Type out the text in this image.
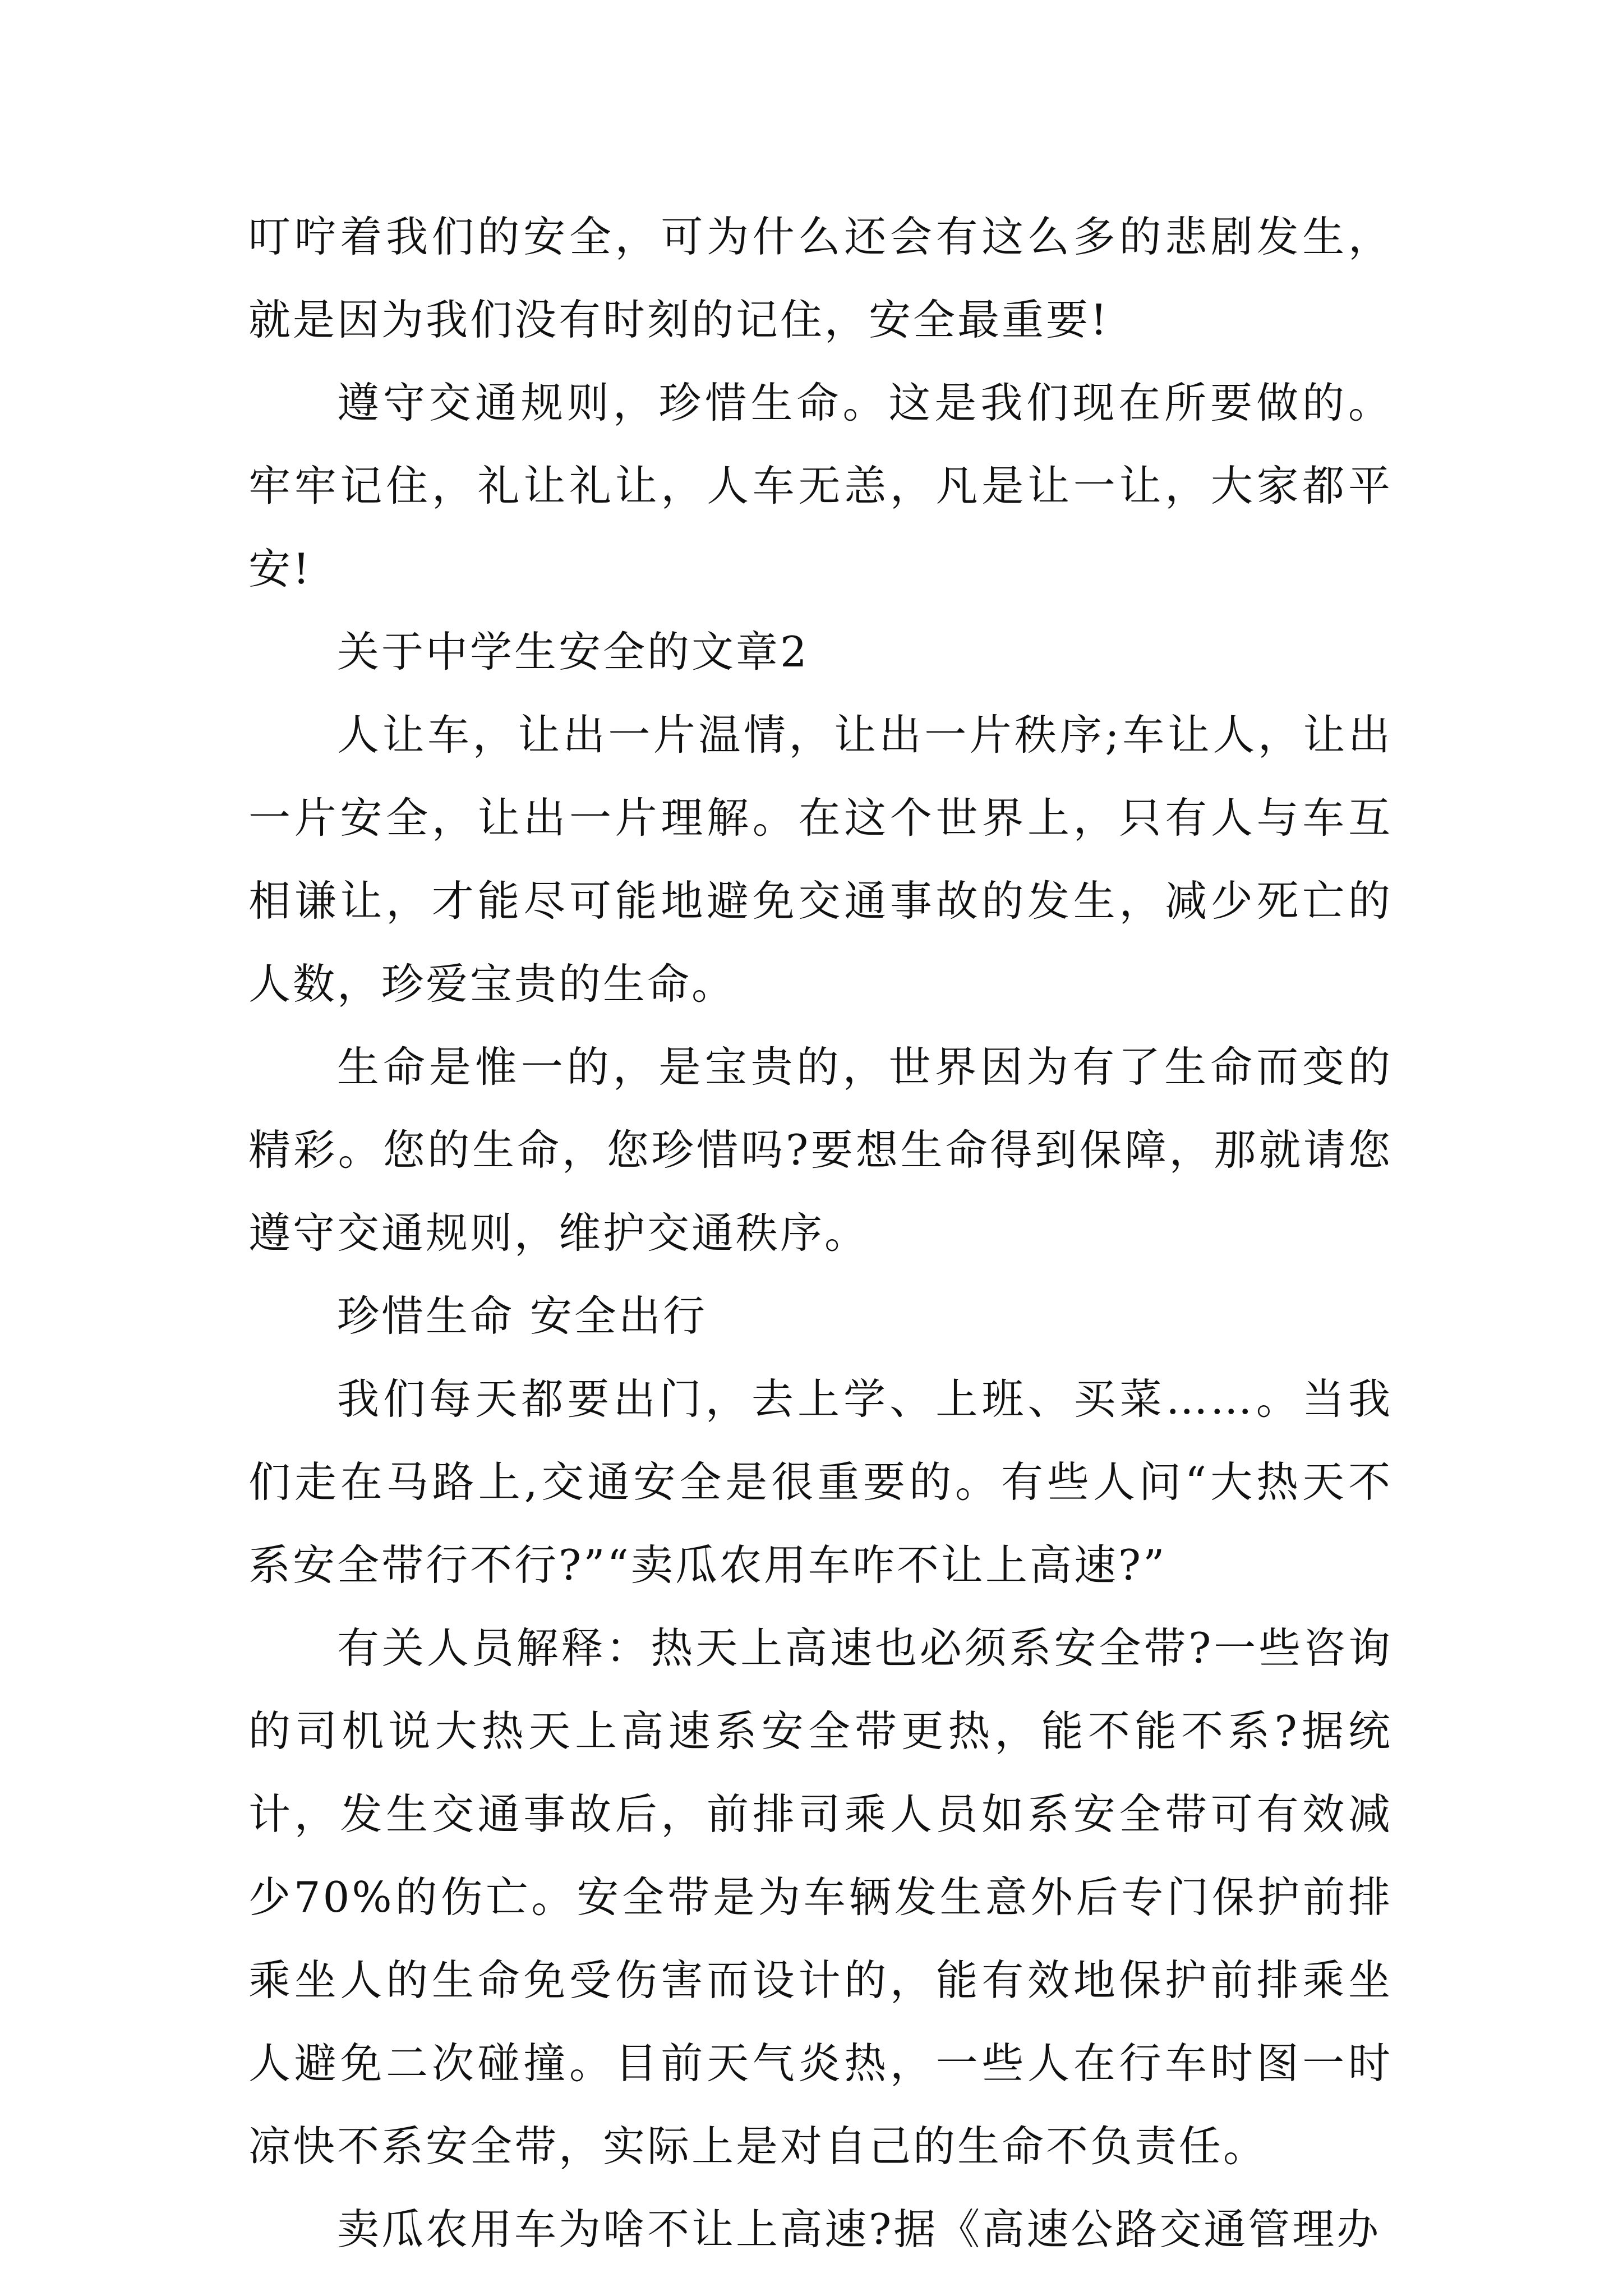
叮咛着我们的安全，可为什么还会有这么多的悲剧发生，就是因为我们没有时刻的记住，安全最重要!

遵守交通规则，珍惜生命。这是我们现在所要做的。牢牢记住，礼让礼让，人车无恙，凡是让一让，大家都平安!

关于中学生安全的文章2

人让车，让出一片温情，让出一片秩序;车让人，让出一片安全，让出一片理解。在这个世界上，只有人与车互相谦让，才能尽可能地避免交通事故的发生，减少死亡的人数，珍爱宝贵的生命。

生命是惟一的，是宝贵的，世界因为有了生命而变的精彩。您的生命，您珍惜吗?要想生命得到保障，那就请您遵守交通规则，维护交通秩序。

珍惜生命 安全出行

我们每天都要出门，去上学、上班、买菜……。当我们走在马路上,交通安全是很重要的。有些人问“大热天不系安全带行不行?”“卖瓜农用车咋不让上高速?”

有关人员解释：热天上高速也必须系安全带?一些咨询的司机说大热天上高速系安全带更热，能不能不系?据统计，发生交通事故后，前排司乘人员如系安全带可有效减少70%的伤亡。安全带是为车辆发生意外后专门保护前排乘坐人的生命免受伤害而设计的，能有效地保护前排乘坐人避免二次碰撞。目前天气炎热，一些人在行车时图一时凉快不系安全带，实际上是对自己的生命不负责任。

卖瓜农用车为啥不让上高速?据《高速公路交通管理办
